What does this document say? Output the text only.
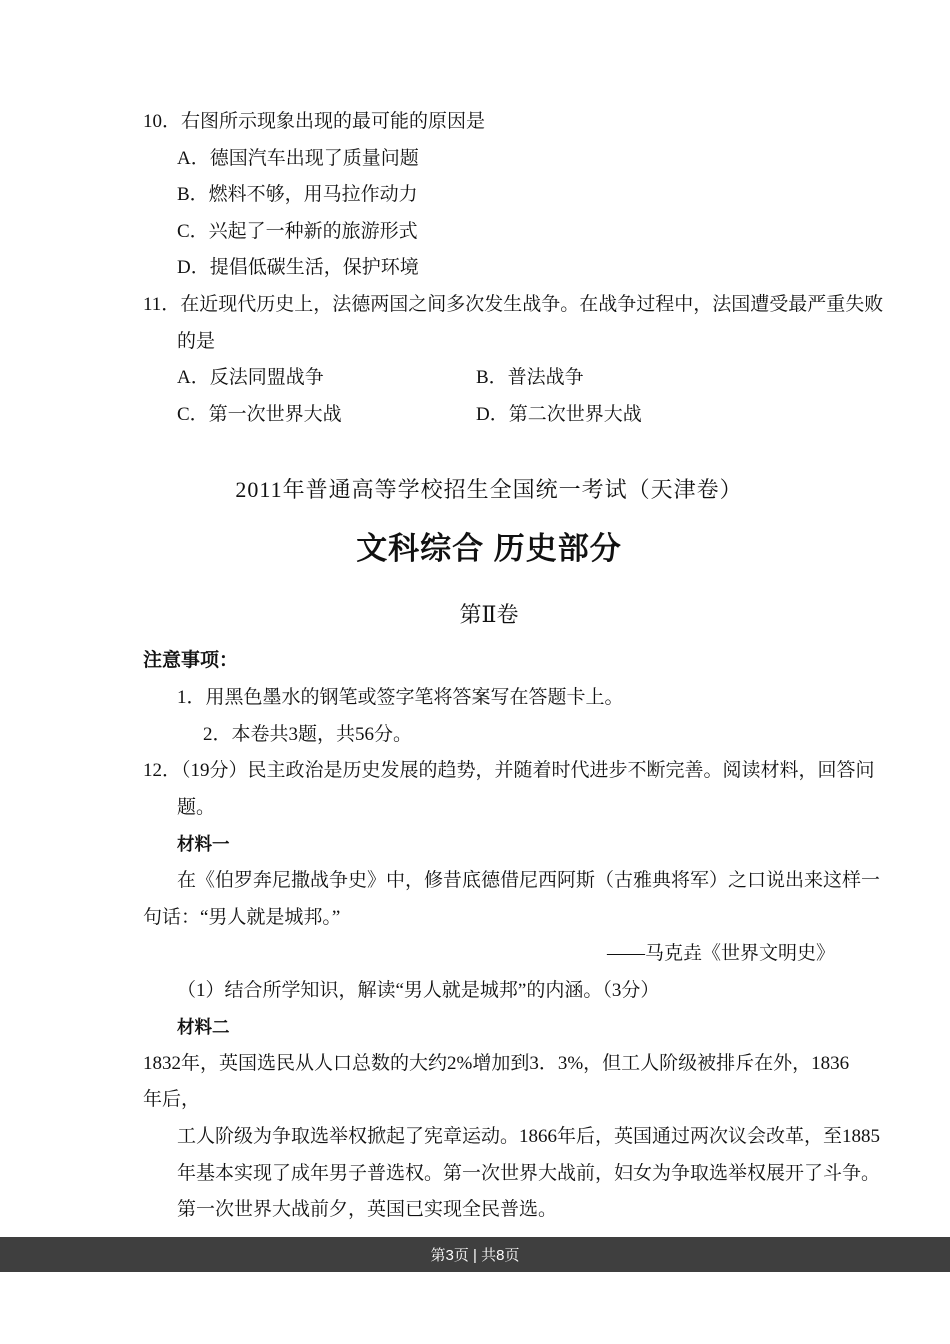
10．右图所示现象出现的最可能的原因是
A．德国汽车出现了质量问题
B．燃料不够，用马拉作动力
C．兴起了一种新的旅游形式
D．提倡低碳生活，保护环境
11．在近现代历史上，法德两国之间多次发生战争。在战争过程中，法国遭受最严重失败
的是
A．反法同盟战争	B．普法战争
C．第一次世界大战	D．第二次世界大战
2011年普通高等学校招生全国统一考试（天津卷）
文科综合 历史部分
第Ⅱ卷
注意事项：
1．用黑色墨水的钢笔或签字笔将答案写在答题卡上。
2．本卷共3题，共56分。
12．（19分）民主政治是历史发展的趋势，并随着时代进步不断完善。阅读材料，回答问
题。
材料一
在《伯罗奔尼撒战争史》中，修昔底德借尼西阿斯（古雅典将军）之口说出来这样一
句话：“男人就是城邦。”
——马克垚《世界文明史》
（1）结合所学知识，解读“男人就是城邦”的内涵。（3分）
材料二
1832年，英国选民从人口总数的大约2%增加到3．3%，但工人阶级被排斥在外，1836
年后，
工人阶级为争取选举权掀起了宪章运动。1866年后，英国通过两次议会改革，至1885
年基本实现了成年男子普选权。第一次世界大战前，妇女为争取选举权展开了斗争。
第一次世界大战前夕，英国已实现全民普选。
第3页 | 共8页
